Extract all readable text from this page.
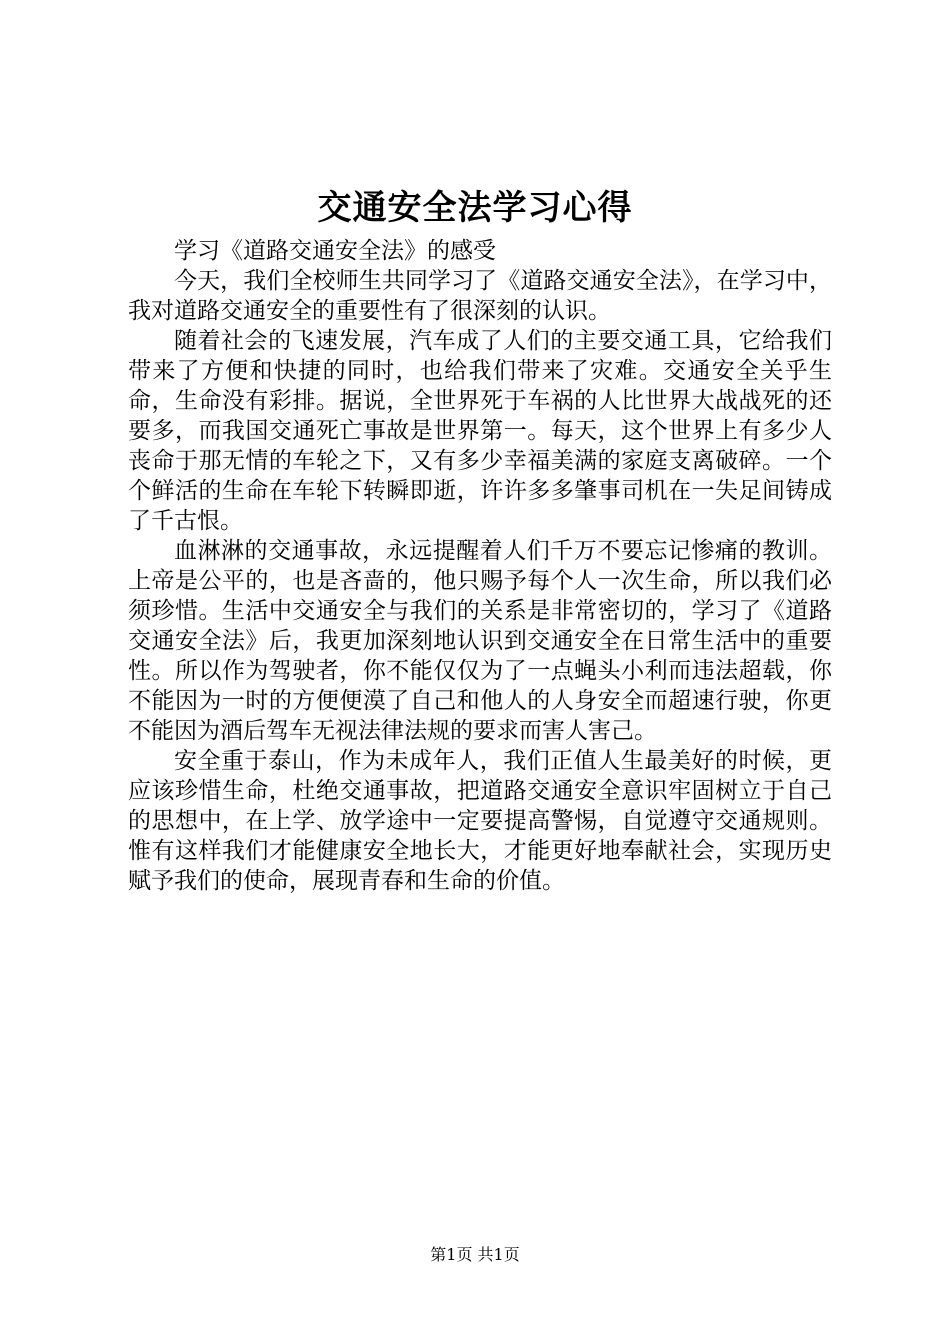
交通安全法学习心得

学习《道路交通安全法》的感受

今天，我们全校师生共同学习了《道路交通安全法》，在学习中，我对道路交通安全的重要性有了很深刻的认识。

随着社会的飞速发展，汽车成了人们的主要交通工具，它给我们带来了方便和快捷的同时，也给我们带来了灾难。交通安全关乎生命，生命没有彩排。据说，全世界死于车祸的人比世界大战战死的还要多，而我国交通死亡事故是世界第一。每天，这个世界上有多少人丧命于那无情的车轮之下，又有多少幸福美满的家庭支离破碎。一个个鲜活的生命在车轮下转瞬即逝，许许多多肇事司机在一失足间铸成了千古恨。

血淋淋的交通事故，永远提醒着人们千万不要忘记惨痛的教训。上帝是公平的，也是吝啬的，他只赐予每个人一次生命，所以我们必须珍惜。生活中交通安全与我们的关系是非常密切的，学习了《道路交通安全法》后，我更加深刻地认识到交通安全在日常生活中的重要性。所以作为驾驶者，你不能仅仅为了一点蝇头小利而违法超载，你不能因为一时的方便便漠了自己和他人的人身安全而超速行驶，你更不能因为酒后驾车无视法律法规的要求而害人害己。

安全重于泰山，作为未成年人，我们正值人生最美好的时候，更应该珍惜生命，杜绝交通事故，把道路交通安全意识牢固树立于自己的思想中，在上学、放学途中一定要提高警惕，自觉遵守交通规则。惟有这样我们才能健康安全地长大，才能更好地奉献社会，实现历史赋予我们的使命，展现青春和生命的价值。

第1页 共1页
